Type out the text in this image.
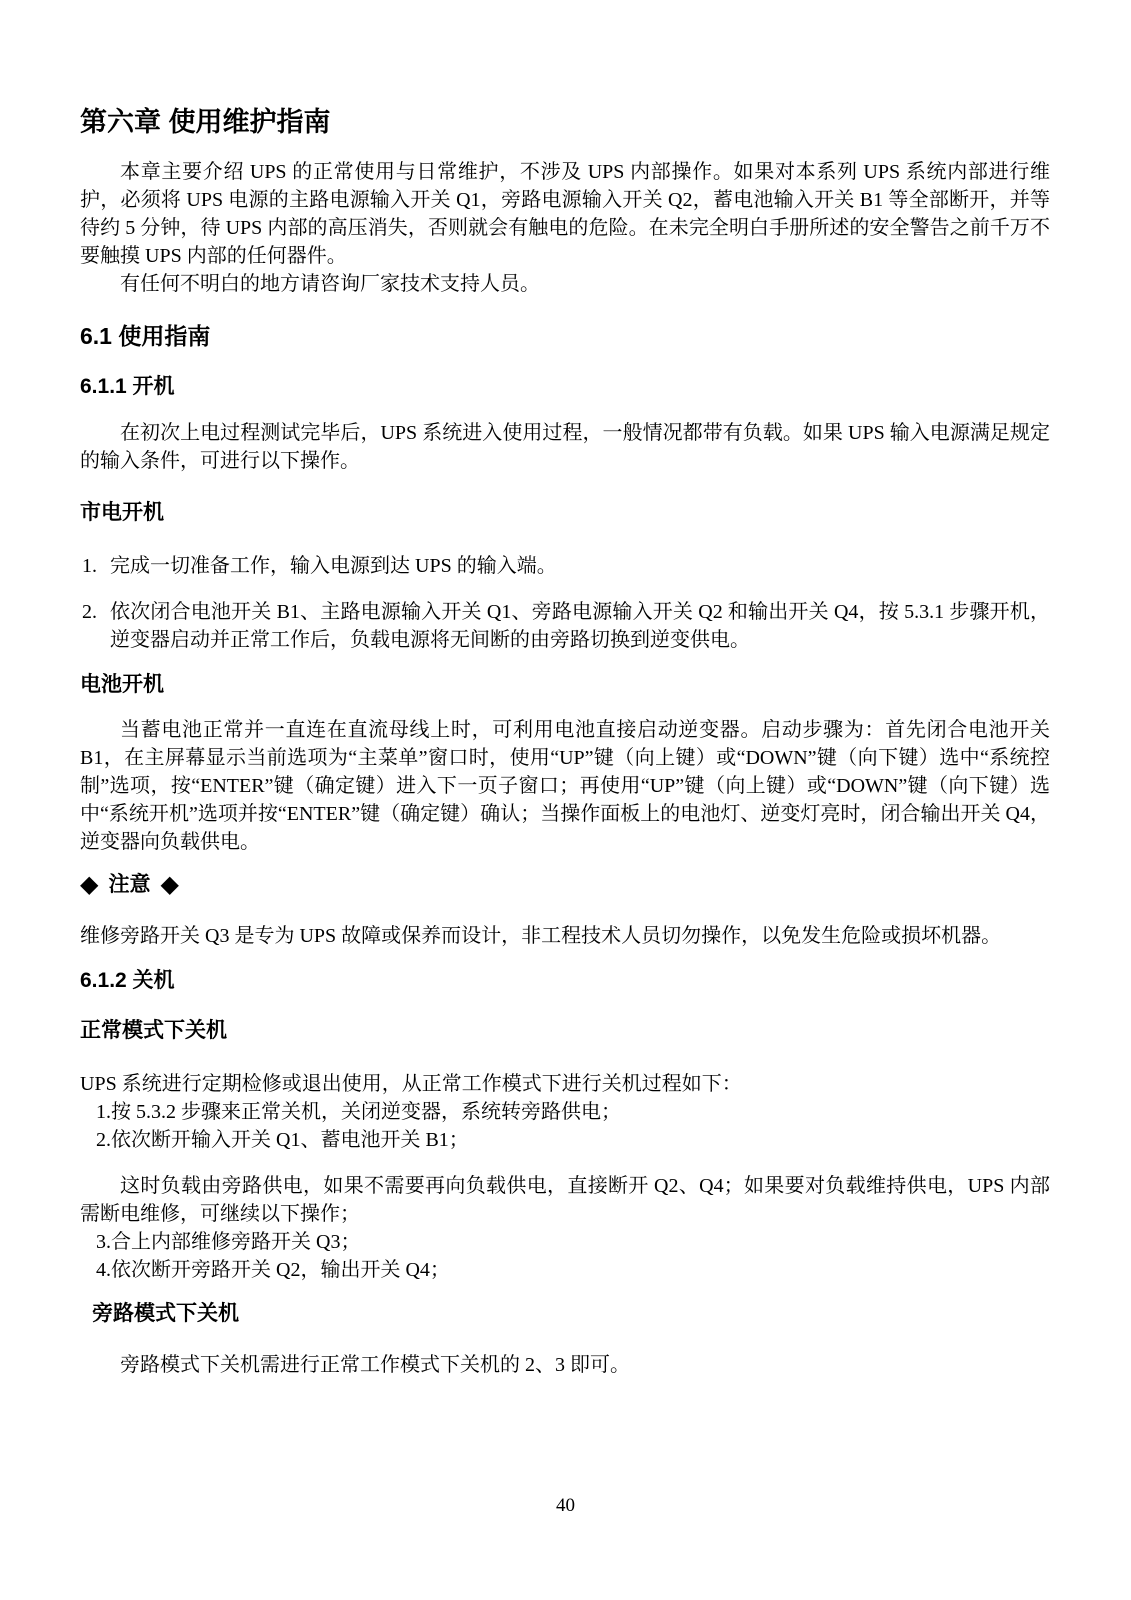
第六章 使用维护指南

本章主要介绍 UPS 的正常使用与日常维护，不涉及 UPS 内部操作。如果对本系列 UPS 系统内部进行维护，必须将 UPS 电源的主路电源输入开关 Q1，旁路电源输入开关 Q2，蓄电池输入开关 B1 等全部断开，并等待约 5 分钟，待 UPS 内部的高压消失，否则就会有触电的危险。在未完全明白手册所述的安全警告之前千万不要触摸 UPS 内部的任何器件。

有任何不明白的地方请咨询厂家技术支持人员。

6.1 使用指南
6.1.1 开机

在初次上电过程测试完毕后，UPS 系统进入使用过程，一般情况都带有负载。如果 UPS 输入电源满足规定的输入条件，可进行以下操作。

市电开机
1. 完成一切准备工作，输入电源到达 UPS 的输入端。
2. 依次闭合电池开关 B1、主路电源输入开关 Q1、旁路电源输入开关 Q2 和输出开关 Q4，按 5.3.1 步骤开机，逆变器启动并正常工作后，负载电源将无间断的由旁路切换到逆变供电。
电池开机

当蓄电池正常并一直连在直流母线上时，可利用电池直接启动逆变器。启动步骤为：首先闭合电池开关 B1，在主屏幕显示当前选项为“主菜单”窗口时，使用“UP”键（向上键）或“DOWN”键（向下键）选中“系统控制”选项，按“ENTER”键（确定键）进入下一页子窗口；再使用“UP”键（向上键）或“DOWN”键（向下键）选中“系统开机”选项并按“ENTER”键（确定键）确认；当操作面板上的电池灯、逆变灯亮时，闭合输出开关 Q4，逆变器向负载供电。

◆ 注意 ◆

维修旁路开关 Q3 是专为 UPS 故障或保养而设计，非工程技术人员切勿操作，以免发生危险或损坏机器。

6.1.2 关机
正常模式下关机

UPS 系统进行定期检修或退出使用，从正常工作模式下进行关机过程如下：

1.按 5.3.2 步骤来正常关机，关闭逆变器，系统转旁路供电；

2.依次断开输入开关 Q1、蓄电池开关 B1；

这时负载由旁路供电，如果不需要再向负载供电，直接断开 Q2、Q4；如果要对负载维持供电，UPS 内部需断电维修，可继续以下操作；

3.合上内部维修旁路开关 Q3；

4.依次断开旁路开关 Q2，输出开关 Q4；

旁路模式下关机

旁路模式下关机需进行正常工作模式下关机的 2、3 即可。

40
